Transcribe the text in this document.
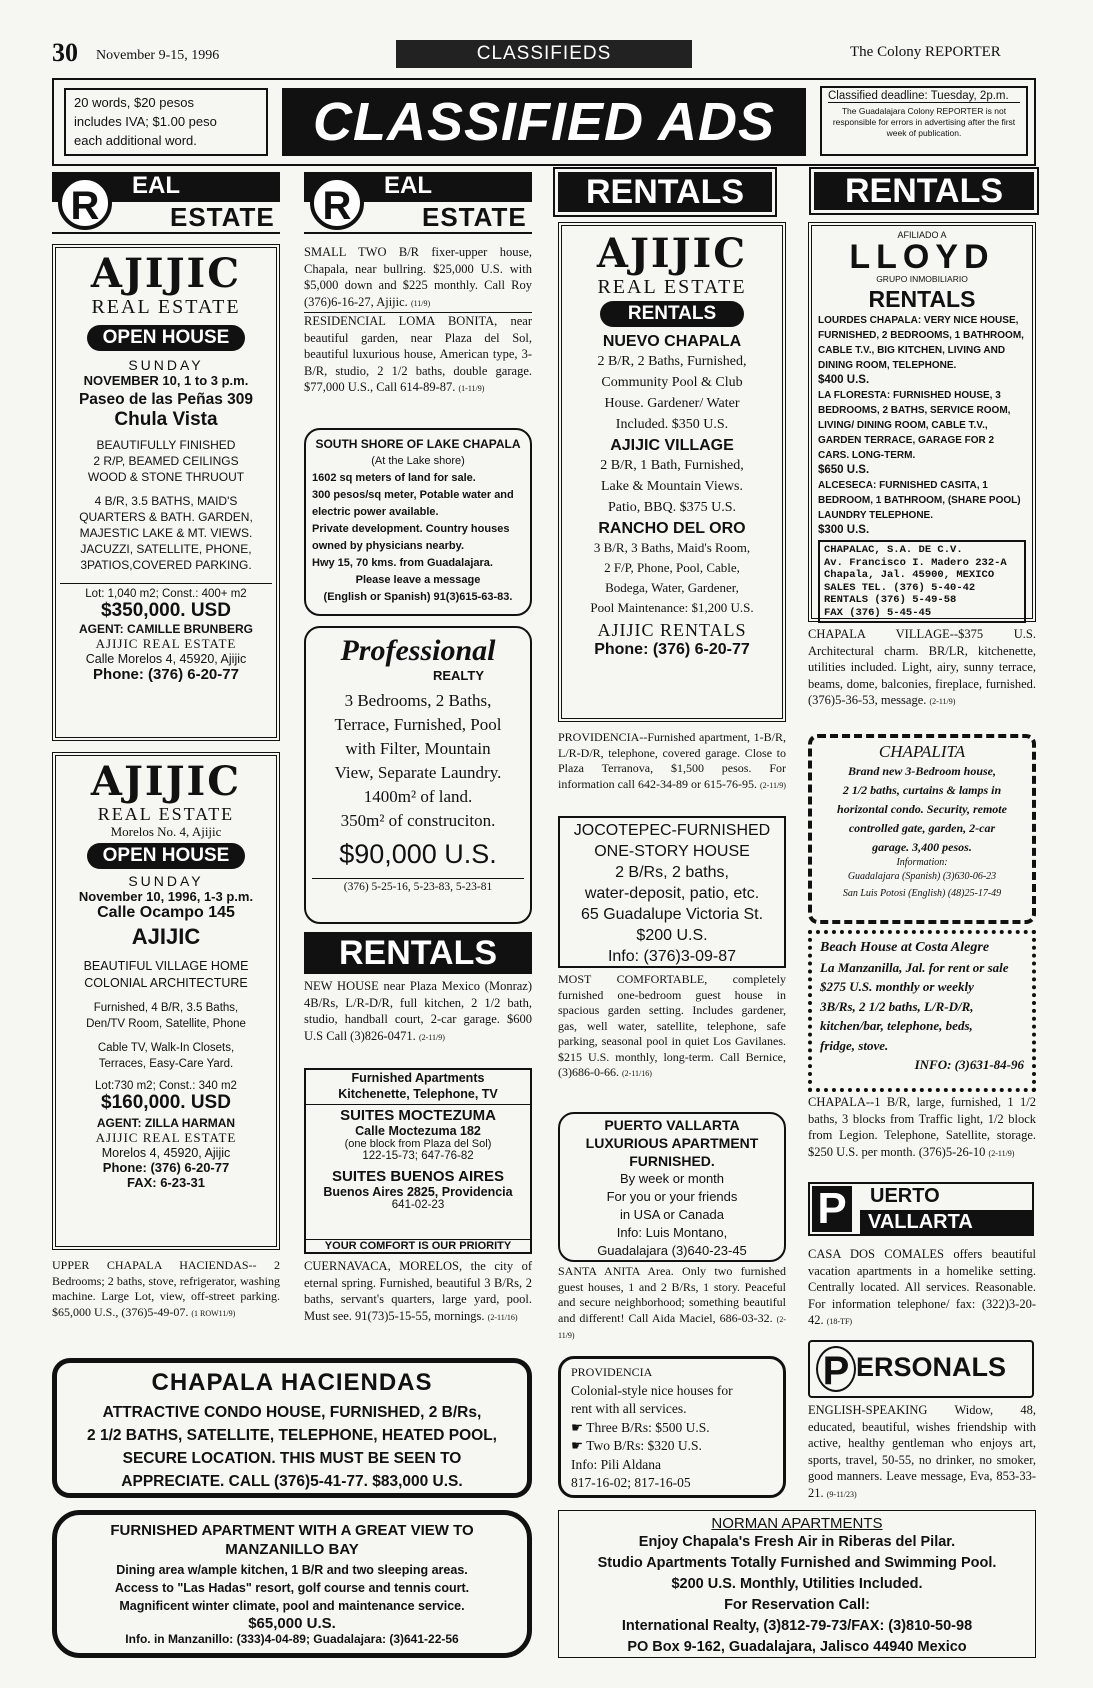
30 November 9-15, 1996	CLASSIFIEDS	The Colony REPORTER
20 words, $20 pesos
includes IVA; $1.00 peso
each additional word.	CLASSIFIED ADS	Classified deadline: Tuesday, 2p.m.
The Guadalajara Colony REPORTER is not responsible for errors in advertising after the first week of publication.
R	EAL
ESTATE
AJIJIC
REAL ESTATE
OPEN HOUSE
SUNDAY
NOVEMBER 10, 1 to 3 p.m.
Paseo de las Peñas 309
Chula Vista
BEAUTIFULLY FINISHED
2 R/P, BEAMED CEILINGS
WOOD & STONE THRUOUT
4 B/R, 3.5 BATHS, MAID'S
QUARTERS & BATH. GARDEN,
MAJESTIC LAKE & MT. VIEWS.
JACUZZI, SATELLITE, PHONE,
3PATIOS,COVERED PARKING.
Lot: 1,040 m2; Const.: 400+ m2
$350,000. USD
AGENT: CAMILLE BRUNBERG
AJIJIC REAL ESTATE
Calle Morelos 4, 45920, Ajijic
Phone: (376) 6-20-77
AJIJIC
REAL ESTATE
Morelos No. 4, Ajijic
OPEN HOUSE
SUNDAY
November 10, 1996, 1-3 p.m.
Calle Ocampo 145
AJIJIC
BEAUTIFUL VILLAGE HOME
COLONIAL ARCHITECTURE
Furnished, 4 B/R, 3.5 Baths,
Den/TV Room, Satellite, Phone
Cable TV, Walk-In Closets,
Terraces, Easy-Care Yard.
Lot:730 m2; Const.: 340 m2
$160,000. USD
AGENT: ZILLA HARMAN
AJIJIC REAL ESTATE
Morelos 4, 45920, Ajijic
Phone: (376) 6-20-77
FAX: 6-23-31
UPPER CHAPALA HACIENDAS-- 2 Bedrooms; 2 baths, stove, refrigerator, washing machine. Large Lot, view, off-street parking. $65,000 U.S., (376)5-49-07. (1 ROW11/9)
R	EAL
ESTATE
SMALL TWO B/R fixer-upper house, Chapala, near bullring. $25,000 U.S. with $5,000 down and $225 monthly. Call Roy (376)6-16-27, Ajijic. (11/9)
RESIDENCIAL LOMA BONITA, near beautiful garden, near Plaza del Sol, beautiful luxurious house, American type, 3-B/R, studio, 2 1/2 baths, double garage. $77,000 U.S., Call 614-89-87. (1-11/9)
SOUTH SHORE OF LAKE CHAPALA
(At the Lake shore)
1602 sq meters of land for sale.
300 pesos/sq meter, Potable water and electric power available.
Private development. Country houses owned by physicians nearby.
Hwy 15, 70 kms. from Guadalajara.
Please leave a message
(English or Spanish) 91(3)615-63-83.
Professional
REALTY
3 Bedrooms, 2 Baths,
Terrace, Furnished, Pool
with Filter, Mountain
View, Separate Laundry.
1400m² of land.
350m² of construciton.
$90,000 U.S.
(376) 5-25-16, 5-23-83, 5-23-81
RENTALS
NEW HOUSE near Plaza Mexico (Monraz) 4B/Rs, L/R-D/R, full kitchen, 2 1/2 bath, studio, handball court, 2-car garage. $600 U.S Call (3)826-0471. (2-11/9)
Furnished Apartments
Kitchenette, Telephone, TV
SUITES MOCTEZUMA
Calle Moctezuma 182
(one block from Plaza del Sol)
122-15-73; 647-76-82
SUITES BUENOS AIRES
Buenos Aires 2825, Providencia
641-02-23
YOUR COMFORT IS OUR PRIORITY
CUERNAVACA, MORELOS, the city of eternal spring. Furnished, beautiful 3 B/Rs, 2 baths, servant's quarters, large yard, pool. Must see. 91(73)5-15-55, mornings. (2-11/16)
RENTALS
AJIJIC
REAL ESTATE
RENTALS
NUEVO CHAPALA
2 B/R, 2 Baths, Furnished,
Community Pool & Club
House. Gardener/ Water
Included. $350 U.S.
AJIJIC VILLAGE
2 B/R, 1 Bath, Furnished,
Lake & Mountain Views.
Patio, BBQ. $375 U.S.
RANCHO DEL ORO
3 B/R, 3 Baths, Maid's Room,
2 F/P, Phone, Pool, Cable,
Bodega, Water, Gardener,
Pool Maintenance: $1,200 U.S.
AJIJIC RENTALS
Phone: (376) 6-20-77
PROVIDENCIA--Furnished apartment, 1-B/R, L/R-D/R, telephone, covered garage. Close to Plaza Terranova, $1,500 pesos. For information call 642-34-89 or 615-76-95. (2-11/9)
JOCOTEPEC-FURNISHED
ONE-STORY HOUSE
2 B/Rs, 2 baths,
water-deposit, patio, etc.
65 Guadalupe Victoria St.
$200 U.S.
Info: (376)3-09-87
MOST COMFORTABLE, completely furnished one-bedroom guest house in spacious garden setting. Includes gardener, gas, well water, satellite, telephone, safe parking, seasonal pool in quiet Los Gavilanes. $215 U.S. monthly, long-term. Call Bernice, (3)686-0-66. (2-11/16)
PUERTO VALLARTA
LUXURIOUS APARTMENT
FURNISHED.
By week or month
For you or your friends
in USA or Canada
Info: Luis Montano,
Guadalajara (3)640-23-45
SANTA ANITA Area. Only two furnished guest houses, 1 and 2 B/Rs, 1 story. Peaceful and secure neighborhood; something beautiful and different! Call Aida Maciel, 686-03-32. (2-11/9)
PROVIDENCIA
Colonial-style nice houses for
rent with all services.
☛ Three B/Rs: $500 U.S.
☛ Two B/Rs: $320 U.S.
Info: Pili Aldana
817-16-02; 817-16-05
RENTALS
AFILIADO A
LLOYD
GRUPO INMOBILIARIO
RENTALS
LOURDES CHAPALA: VERY NICE HOUSE, FURNISHED, 2 BEDROOMS, 1 BATHROOM, CABLE T.V., BIG KITCHEN, LIVING AND DINING ROOM, TELEPHONE.
$400 U.S.
LA FLORESTA: FURNISHED HOUSE, 3 BEDROOMS, 2 BATHS, SERVICE ROOM, LIVING/ DINING ROOM, CABLE T.V., GARDEN TERRACE, GARAGE FOR 2 CARS. LONG-TERM.
$650 U.S.
ALCESECA: FURNISHED CASITA, 1 BEDROOM, 1 BATHROOM, (SHARE POOL) LAUNDRY TELEPHONE.
$300 U.S.
CHAPALAC, S.A. DE C.V.
Av. Francisco I. Madero 232-A
Chapala, Jal. 45900, MEXICO
SALES TEL. (376) 5-40-42
RENTALS (376) 5-49-58
FAX (376) 5-45-45
CHAPALA VILLAGE--$375 U.S. Architectural charm. BR/LR, kitchenette, utilities included. Light, airy, sunny terrace, beams, dome, balconies, fireplace, furnished. (376)5-36-53, message. (2-11/9)
CHAPALITA
Brand new 3-Bedroom house,
2 1/2 baths, curtains & lamps in
horizontal condo. Security, remote
controlled gate, garden, 2-car
garage. 3,400 pesos.
Information:
Guadalajara (Spanish) (3)630-06-23
San Luis Potosi (English) (48)25-17-49
Beach House at Costa Alegre
La Manzanilla, Jal. for rent or sale
$275 U.S. monthly or weekly
3B/Rs, 2 1/2 baths, L/R-D/R,
kitchen/bar, telephone, beds,
fridge, stove.
INFO: (3)631-84-96
CHAPALA--1 B/R, large, furnished, 1 1/2 baths, 3 blocks from Traffic light, 1/2 block from Legion. Telephone, Satellite, storage. $250 U.S. per month. (376)5-26-10 (2-11/9)
P UERTO
VALLARTA
CASA DOS COMALES offers beautiful vacation apartments in a homelike setting. Centrally located. All services. Reasonable. For information telephone/ fax: (322)3-20-42. (18-TF)
P ERSONALS
ENGLISH-SPEAKING Widow, 48, educated, beautiful, wishes friendship with active, healthy gentleman who enjoys art, sports, travel, 50-55, no drinker, no smoker, good manners. Leave message, Eva, 853-33-21. (9-11/23)
CHAPALA HACIENDAS
ATTRACTIVE CONDO HOUSE, FURNISHED, 2 B/Rs,
2 1/2 BATHS, SATELLITE, TELEPHONE, HEATED POOL,
SECURE LOCATION. THIS MUST BE SEEN TO
APPRECIATE. CALL (376)5-41-77. $83,000 U.S.
FURNISHED APARTMENT WITH A GREAT VIEW TO
MANZANILLO BAY
Dining area w/ample kitchen, 1 B/R and two sleeping areas.
Access to "Las Hadas" resort, golf course and tennis court.
Magnificent winter climate, pool and maintenance service.
$65,000 U.S.
Info. in Manzanillo: (333)4-04-89; Guadalajara: (3)641-22-56
NORMAN APARTMENTS
Enjoy Chapala's Fresh Air in Riberas del Pilar.
Studio Apartments Totally Furnished and Swimming Pool.
$200 U.S. Monthly, Utilities Included.
For Reservation Call:
International Realty, (3)812-79-73/FAX: (3)810-50-98
PO Box 9-162, Guadalajara, Jalisco 44940 Mexico
